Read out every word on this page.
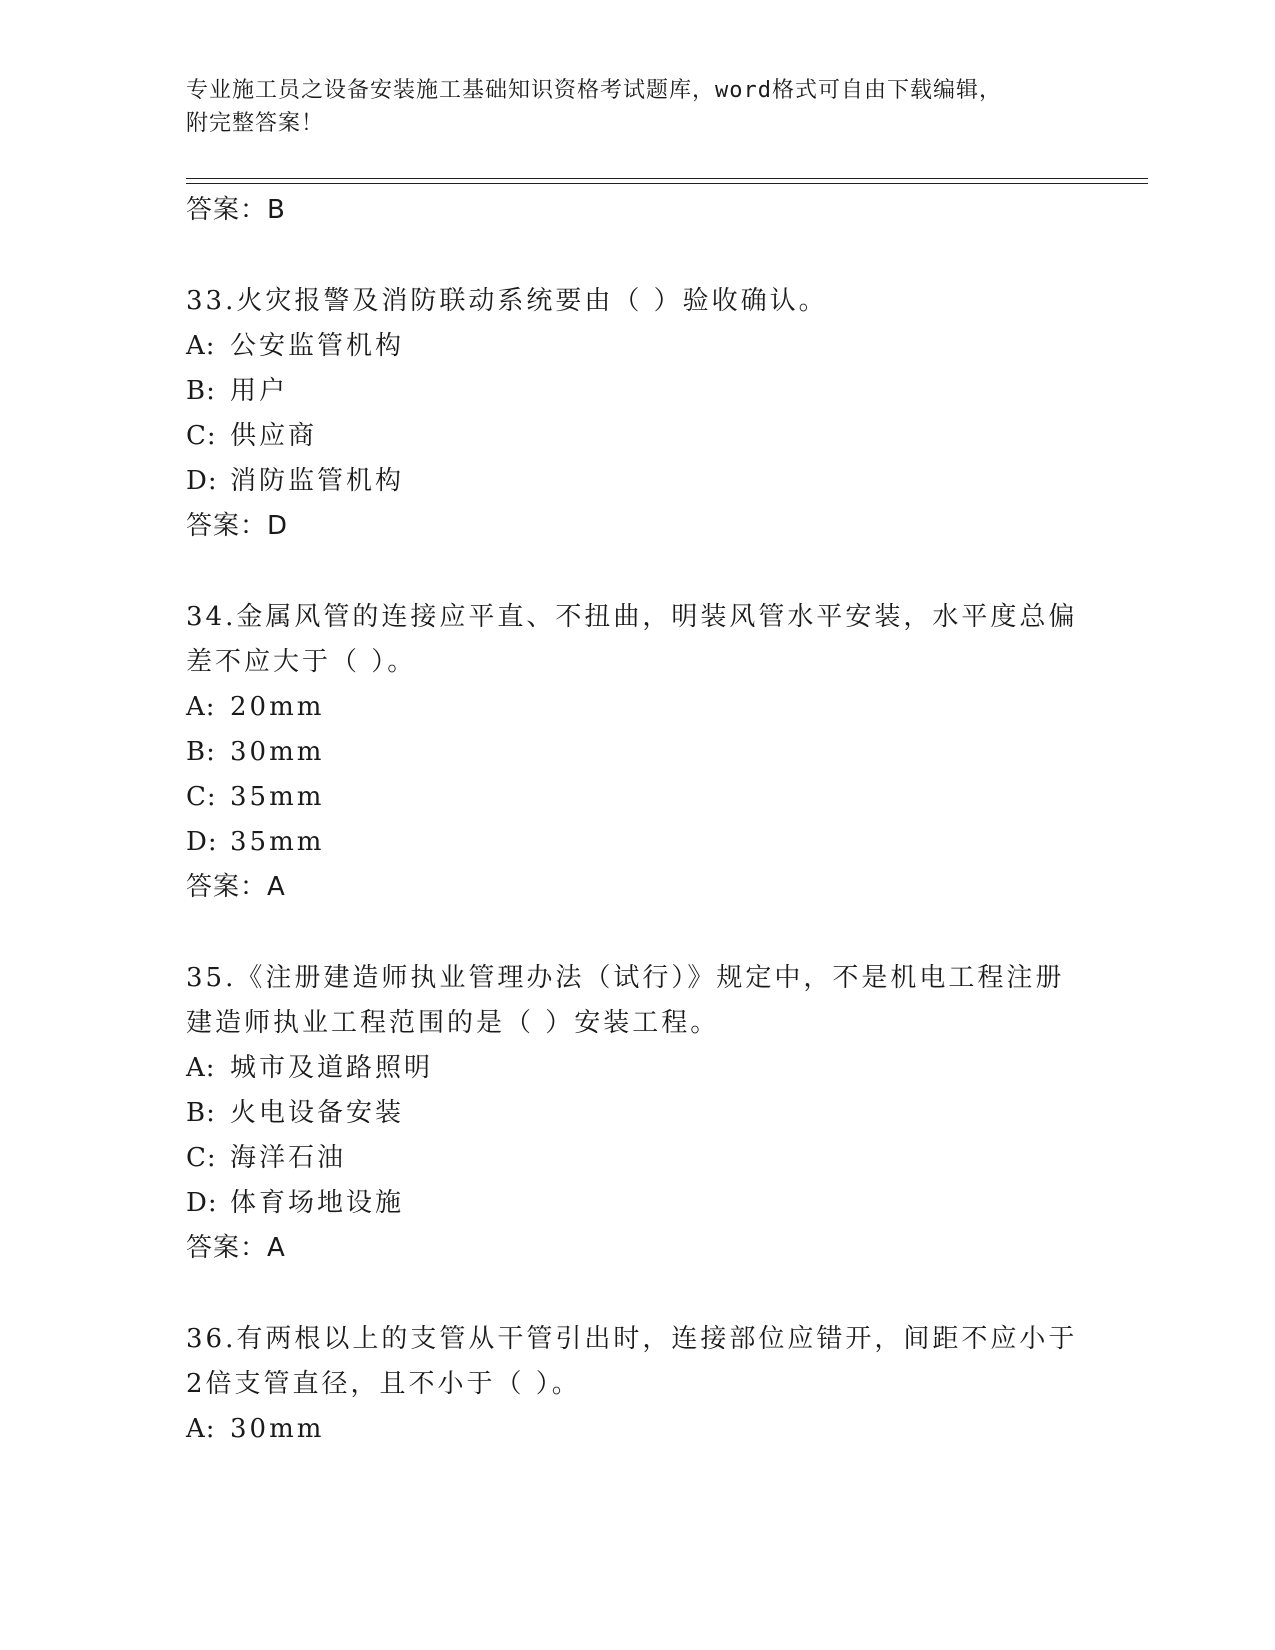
专业施工员之设备安装施工基础知识资格考试题库，word格式可自由下载编辑，
附完整答案！
答案：B

33.火灾报警及消防联动系统要由（ ）验收确认。

A: 公安监管机构
B: 用户
C: 供应商
D: 消防监管机构
答案：D

34.金属风管的连接应平直、不扭曲，明装风管水平安装，水平度总偏差不应大于（ ）。

A: 20mm
B: 30mm
C: 35mm
D: 35mm
答案：A

35.《注册建造师执业管理办法（试行）》规定中，不是机电工程注册建造师执业工程范围的是（ ）安装工程。

A: 城市及道路照明
B: 火电设备安装
C: 海洋石油
D: 体育场地设施
答案：A

36.有两根以上的支管从干管引出时，连接部位应错开，间距不应小于2倍支管直径，且不小于（ ）。

A: 30mm
